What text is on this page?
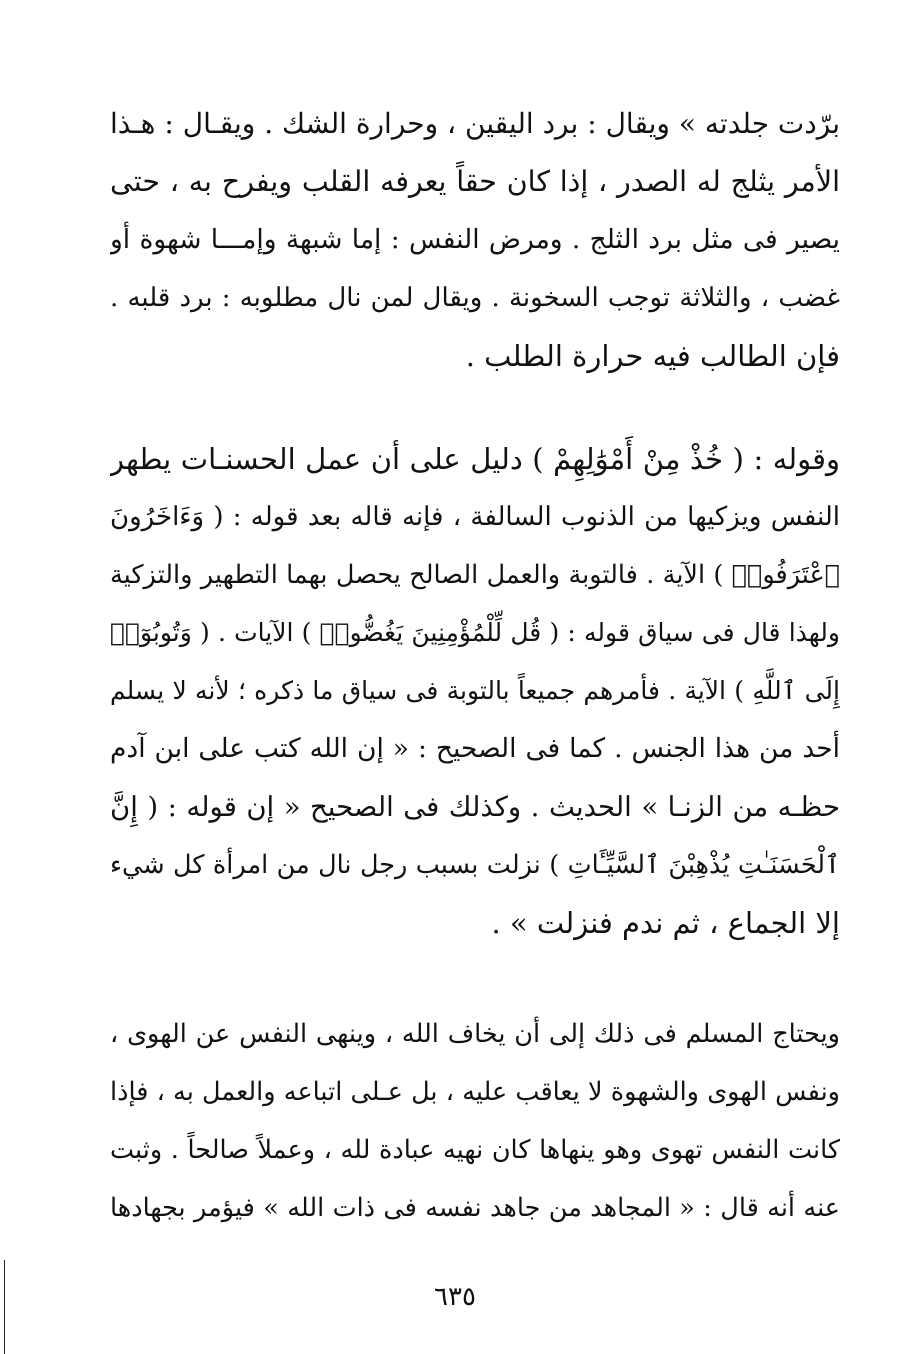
برّدت جلدته » ويقال : برد اليقين ، وحرارة الشك . ويقـال : هـذا
الأمر يثلج له الصدر ، إذا كان حقاً يعرفه القلب ويفرح به ، حتى
يصير فى مثل برد الثلج . ومرض النفس : إما شبهة وإمـــا شهوة أو
غضب ، والثلاثة توجب السخونة . ويقال لمن نال مطلوبه : برد قلبه .
فإن الطالب فيه حرارة الطلب .
وقوله : ( خُذْ مِنْ أَمْوَٰلِهِمْ ) دليل على أن عمل الحسنـات يطهر
النفس ويزكيها من الذنوب السالفة ، فإنه قاله بعد قوله : ( وَءَاخَرُونَ
ٱعْتَرَفُوا۟ ) الآية . فالتوبة والعمل الصالح يحصل بهما التطهير والتزكية
ولهذا قال فى سياق قوله : ( قُل لِّلْمُؤْمِنِينَ يَغُضُّوا۟ ) الآيات . ( وَتُوبُوٓا۟
إِلَى ٱللَّهِ ) الآية . فأمرهم جميعاً بالتوبة فى سياق ما ذكره ؛ لأنه لا يسلم
أحد من هذا الجنس . كما فى الصحيح : « إن الله كتب على ابن آدم
حظـه من الزنـا » الحديث . وكذلك فى الصحيح « إن قوله : ( إِنَّ
ٱلْحَسَنَـٰتِ يُذْهِبْنَ ٱلسَّيِّـَٔاتِ ) نزلت بسبب رجل نال من امرأة كل شيء
إلا الجماع ، ثم ندم فنزلت » .
ويحتاج المسلم فى ذلك إلى أن يخاف الله ، وينهى النفس عن الهوى ،
ونفس الهوى والشهوة لا يعاقب عليه ، بل عـلى اتباعه والعمل به ، فإذا
كانت النفس تهوى وهو ينهاها كان نهيه عبادة لله ، وعملاً صالحاً . وثبت
عنه أنه قال : « المجاهد من جاهد نفسه فى ذات الله » فيؤمر بجهادها
٦٣٥
